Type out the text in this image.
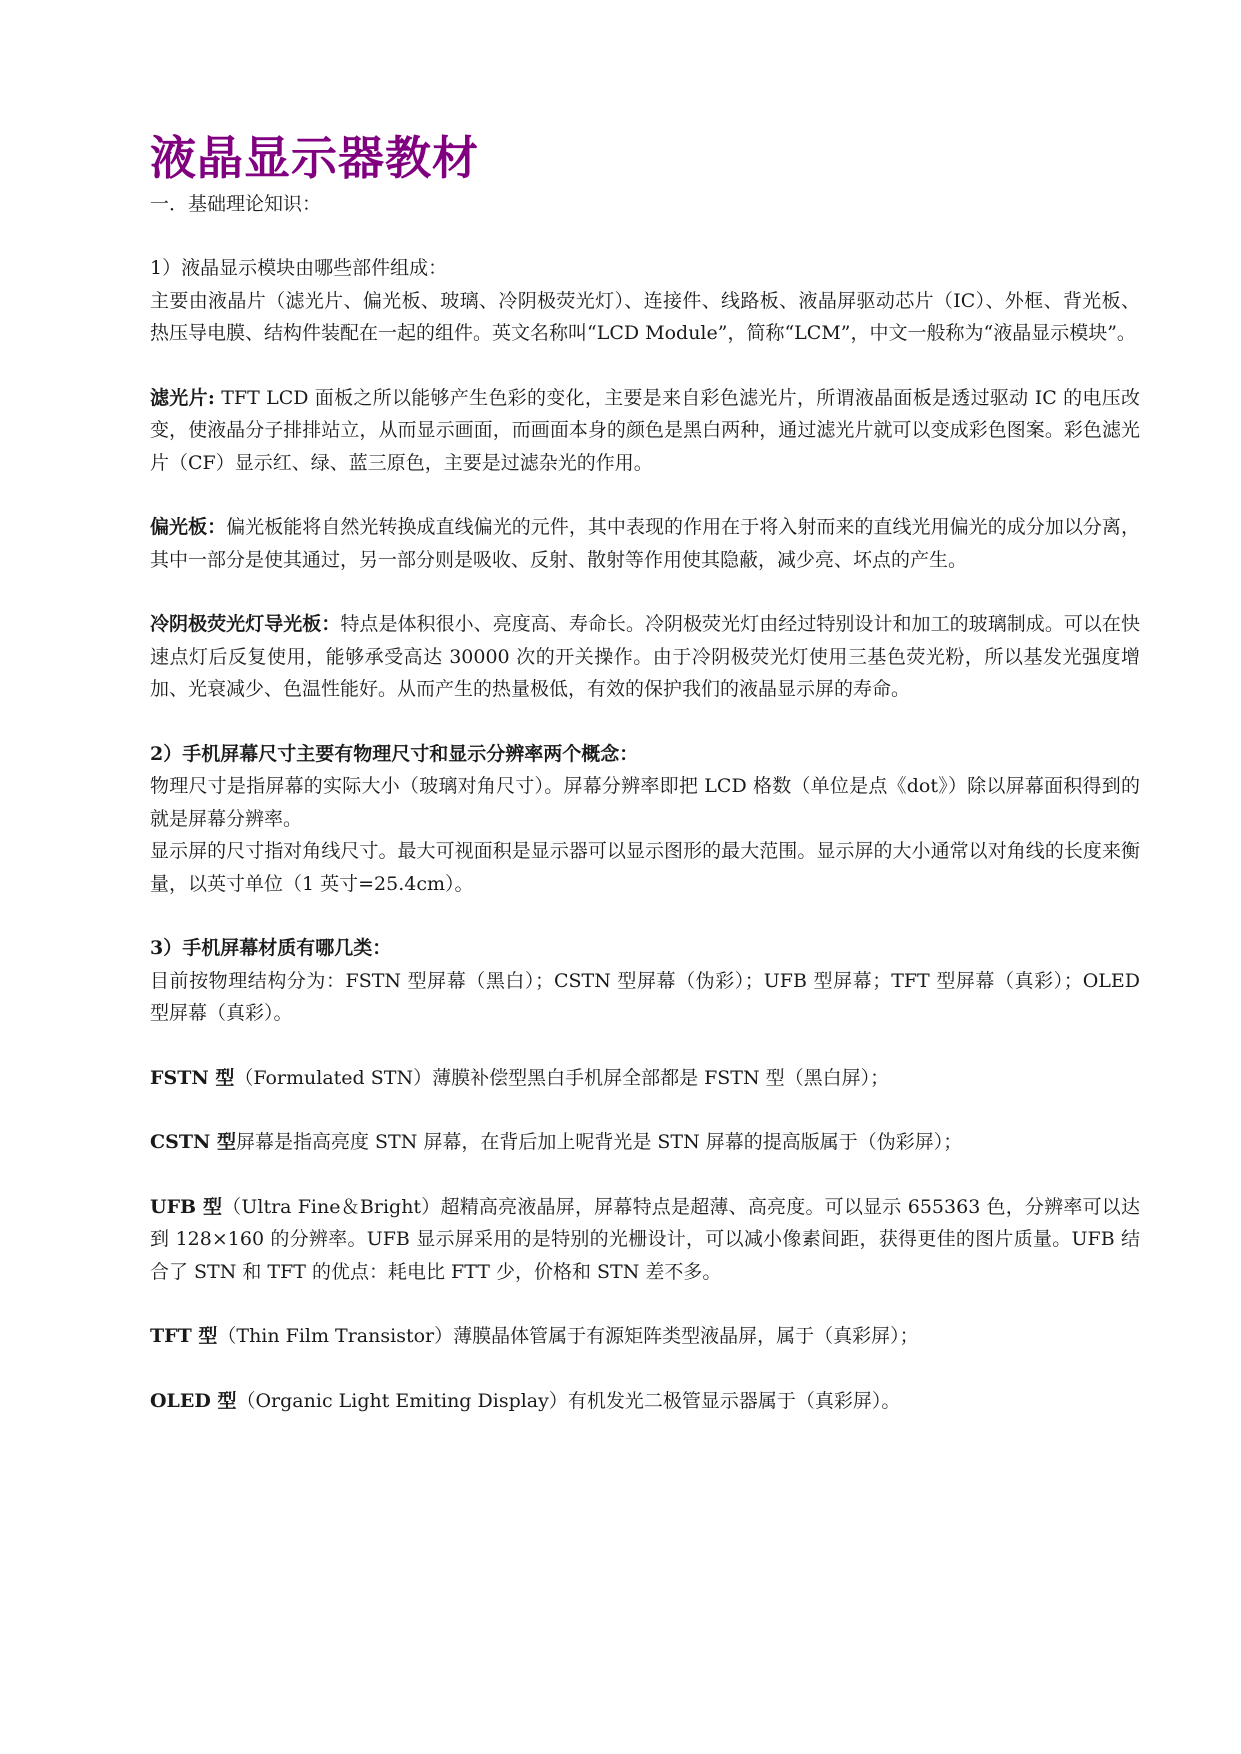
液晶显示器教材

一．基础理论知识：

1）液晶显示模块由哪些部件组成：

主要由液晶片（滤光片、偏光板、玻璃、冷阴极荧光灯）、连接件、线路板、液晶屏驱动芯片（IC）、外框、背光板、热压导电膜、结构件装配在一起的组件。英文名称叫“LCD Module”，简称“LCM”，中文一般称为“液晶显示模块”。

滤光片: TFT LCD 面板之所以能够产生色彩的变化，主要是来自彩色滤光片，所谓液晶面板是透过驱动 IC 的电压改变，使液晶分子排排站立，从而显示画面，而画面本身的颜色是黑白两种，通过滤光片就可以变成彩色图案。彩色滤光片（CF）显示红、绿、蓝三原色，主要是过滤杂光的作用。

偏光板：偏光板能将自然光转换成直线偏光的元件，其中表现的作用在于将入射而来的直线光用偏光的成分加以分离，其中一部分是使其通过，另一部分则是吸收、反射、散射等作用使其隐蔽，减少亮、坏点的产生。

冷阴极荧光灯导光板：特点是体积很小、亮度高、寿命长。冷阴极荧光灯由经过特别设计和加工的玻璃制成。可以在快速点灯后反复使用，能够承受高达 30000 次的开关操作。由于冷阴极荧光灯使用三基色荧光粉，所以基发光强度增加、光衰减少、色温性能好。从而产生的热量极低，有效的保护我们的液晶显示屏的寿命。

2）手机屏幕尺寸主要有物理尺寸和显示分辨率两个概念：

物理尺寸是指屏幕的实际大小（玻璃对角尺寸）。屏幕分辨率即把 LCD 格数（单位是点《dot》）除以屏幕面积得到的就是屏幕分辨率。

显示屏的尺寸指对角线尺寸。最大可视面积是显示器可以显示图形的最大范围。显示屏的大小通常以对角线的长度来衡量，以英寸单位（1 英寸=25.4cm）。

3）手机屏幕材质有哪几类：

目前按物理结构分为：FSTN 型屏幕（黑白）；CSTN 型屏幕（伪彩）；UFB 型屏幕；TFT 型屏幕（真彩）；OLED 型屏幕（真彩）。

FSTN 型（Formulated STN）薄膜补偿型黑白手机屏全部都是 FSTN 型（黑白屏）；

CSTN 型屏幕是指高亮度 STN 屏幕，在背后加上呢背光是 STN 屏幕的提高版属于（伪彩屏）；

UFB 型（Ultra Fine＆Bright）超精高亮液晶屏，屏幕特点是超薄、高亮度。可以显示 655363 色，分辨率可以达到 128×160 的分辨率。UFB 显示屏采用的是特别的光栅设计，可以减小像素间距，获得更佳的图片质量。UFB 结合了 STN 和 TFT 的优点：耗电比 FTT 少，价格和 STN 差不多。

TFT 型（Thin Film Transistor）薄膜晶体管属于有源矩阵类型液晶屏，属于（真彩屏）；

OLED 型（Organic Light Emiting Display）有机发光二极管显示器属于（真彩屏）。
